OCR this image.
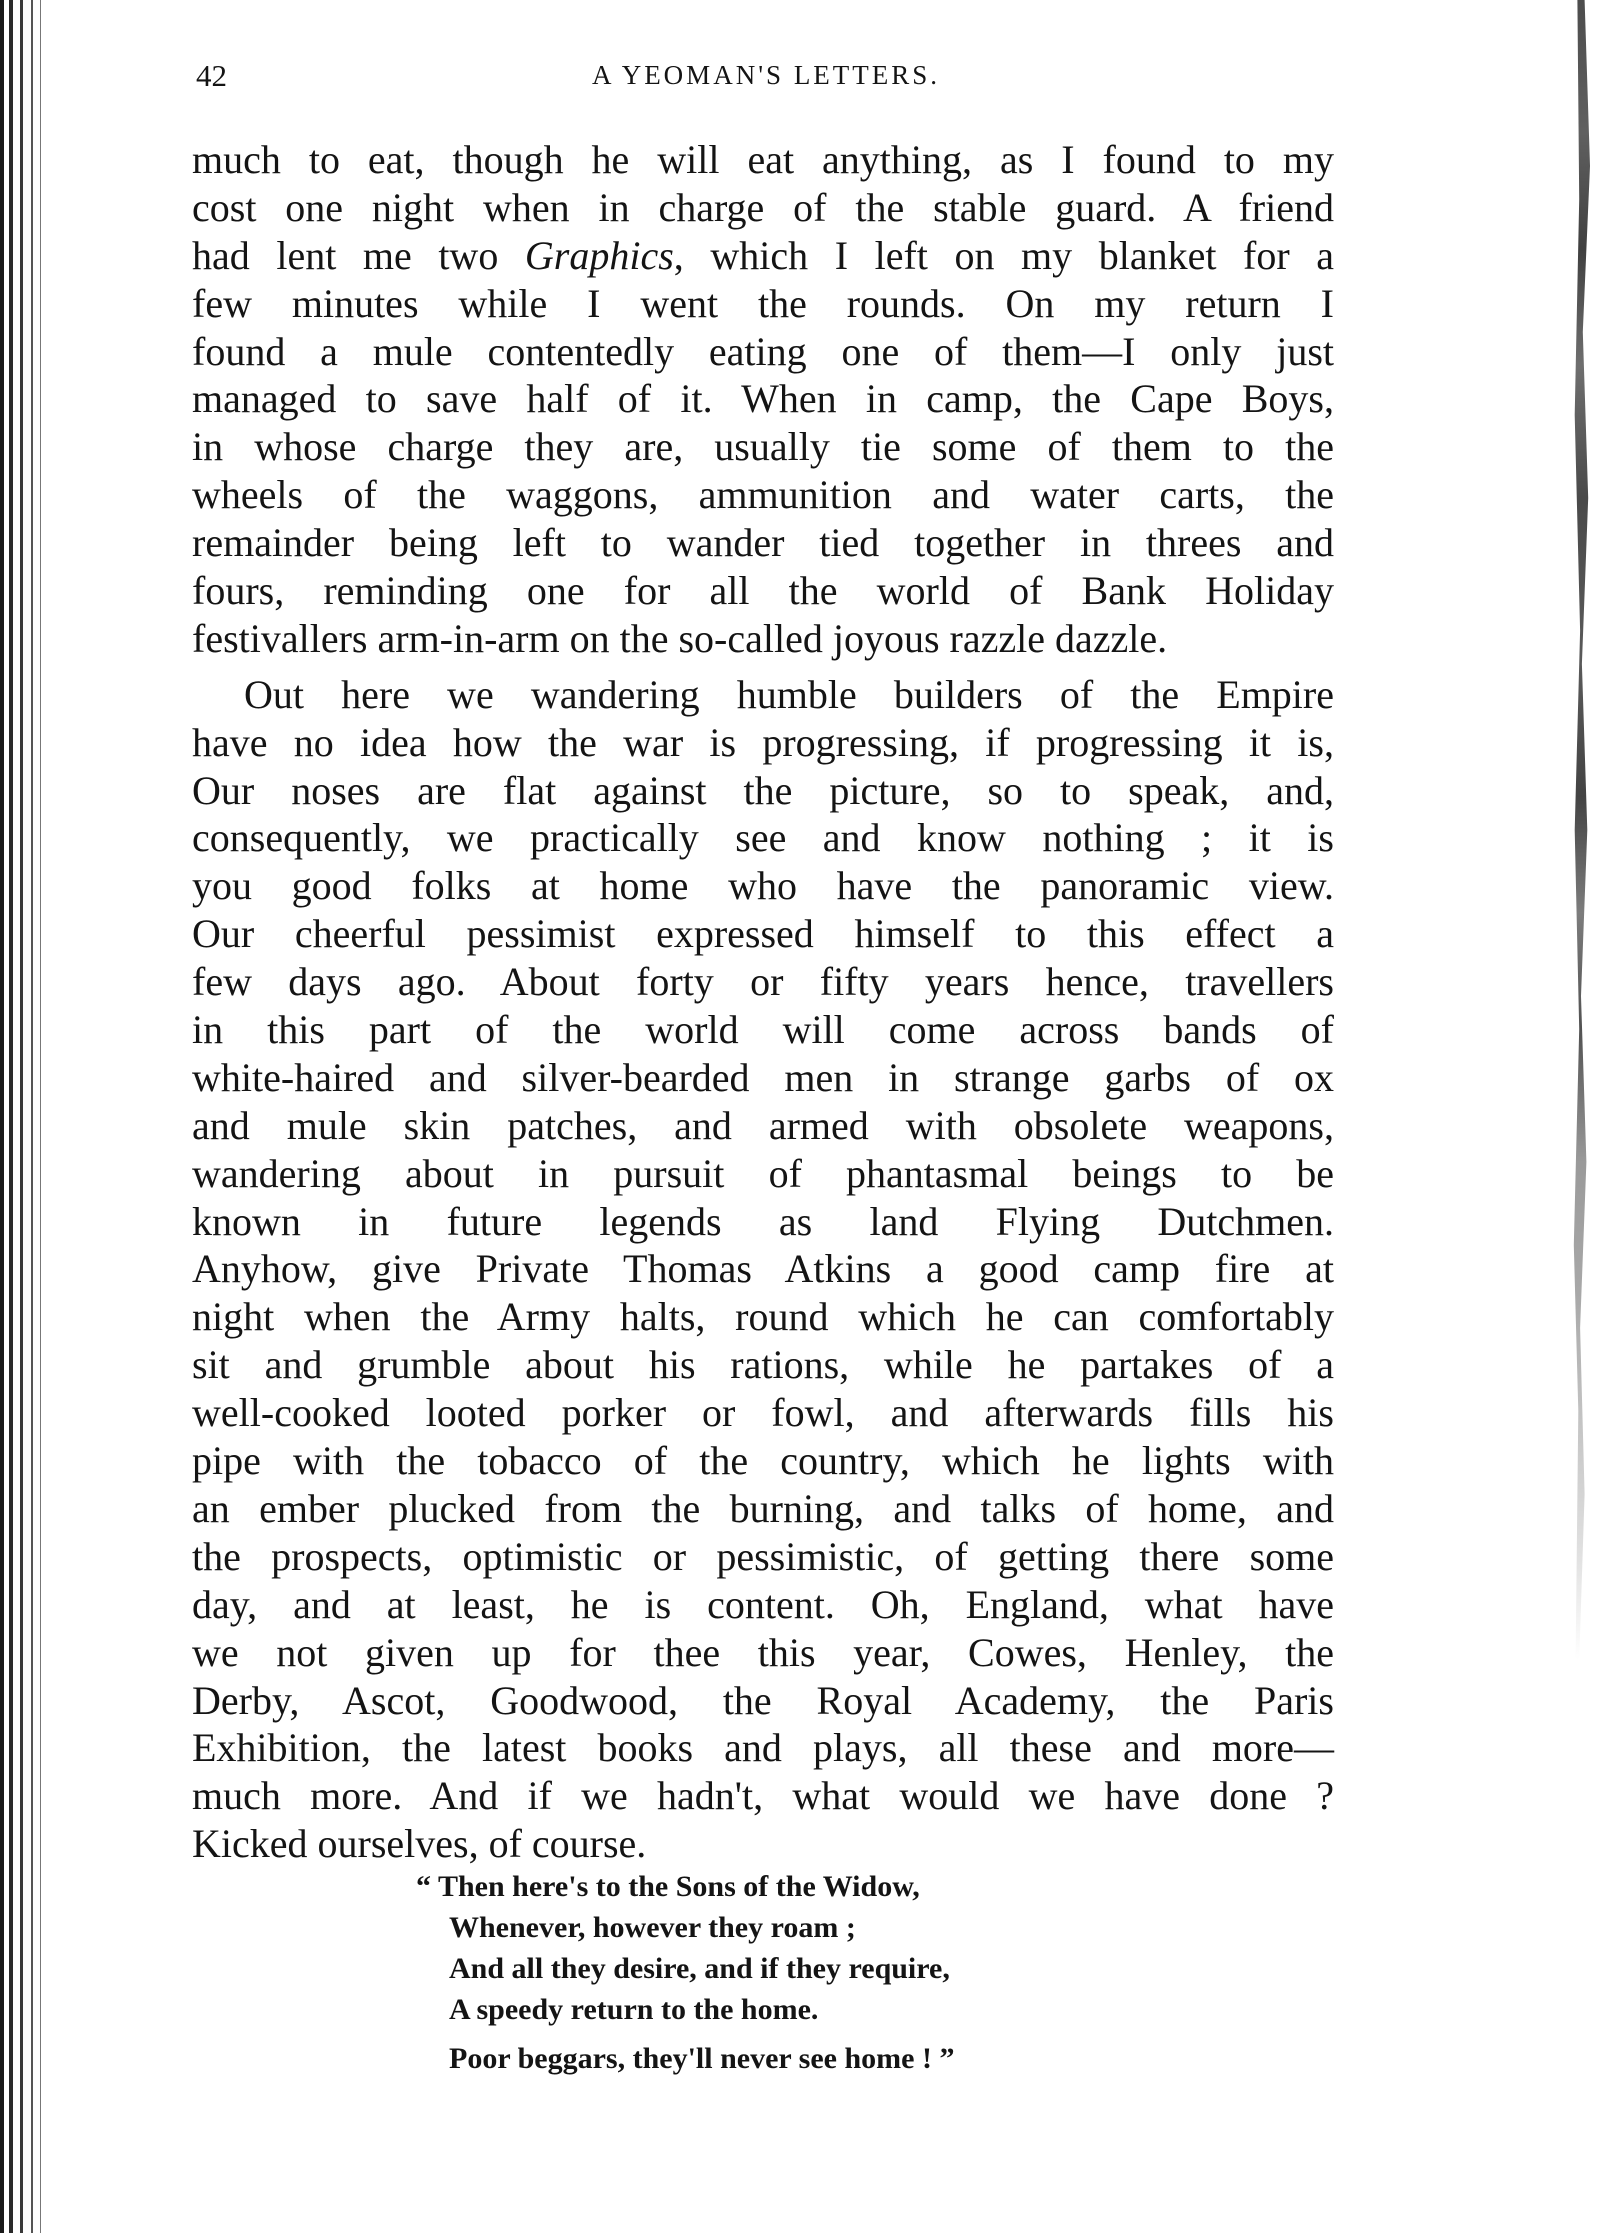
42	A YEOMAN'S LETTERS.
much to eat, though he will eat anything, as I found to my
cost one night when in charge of the stable guard. A friend
had lent me two Graphics, which I left on my blanket for a
few minutes while I went the rounds. On my return I
found a mule contentedly eating one of them—I only just
managed to save half of it. When in camp, the Cape Boys,
in whose charge they are, usually tie some of them to the
wheels of the waggons, ammunition and water carts, the
remainder being left to wander tied together in threes and
fours, reminding one for all the world of Bank Holiday
festivallers arm-in-arm on the so-called joyous razzle dazzle.
Out here we wandering humble builders of the Empire
have no idea how the war is progressing, if progressing it is,
Our noses are flat against the picture, so to speak, and,
consequently, we practically see and know nothing ; it is
you good folks at home who have the panoramic view.
Our cheerful pessimist expressed himself to this effect a
few days ago. About forty or fifty years hence, travellers
in this part of the world will come across bands of
white-haired and silver-bearded men in strange garbs of ox
and mule skin patches, and armed with obsolete weapons,
wandering about in pursuit of phantasmal beings to be
known in future legends as land Flying Dutchmen.
Anyhow, give Private Thomas Atkins a good camp fire at
night when the Army halts, round which he can comfortably
sit and grumble about his rations, while he partakes of a
well-cooked looted porker or fowl, and afterwards fills his
pipe with the tobacco of the country, which he lights with
an ember plucked from the burning, and talks of home, and
the prospects, optimistic or pessimistic, of getting there some
day, and at least, he is content. Oh, England, what have
we not given up for thee this year, Cowes, Henley, the
Derby, Ascot, Goodwood, the Royal Academy, the Paris
Exhibition, the latest books and plays, all these and more—
much more. And if we hadn't, what would we have done ?
Kicked ourselves, of course.
“ Then here's to the Sons of the Widow,
Whenever, however they roam ;
And all they desire, and if they require,
A speedy return to the home.
Poor beggars, they'll never see home ! ”
